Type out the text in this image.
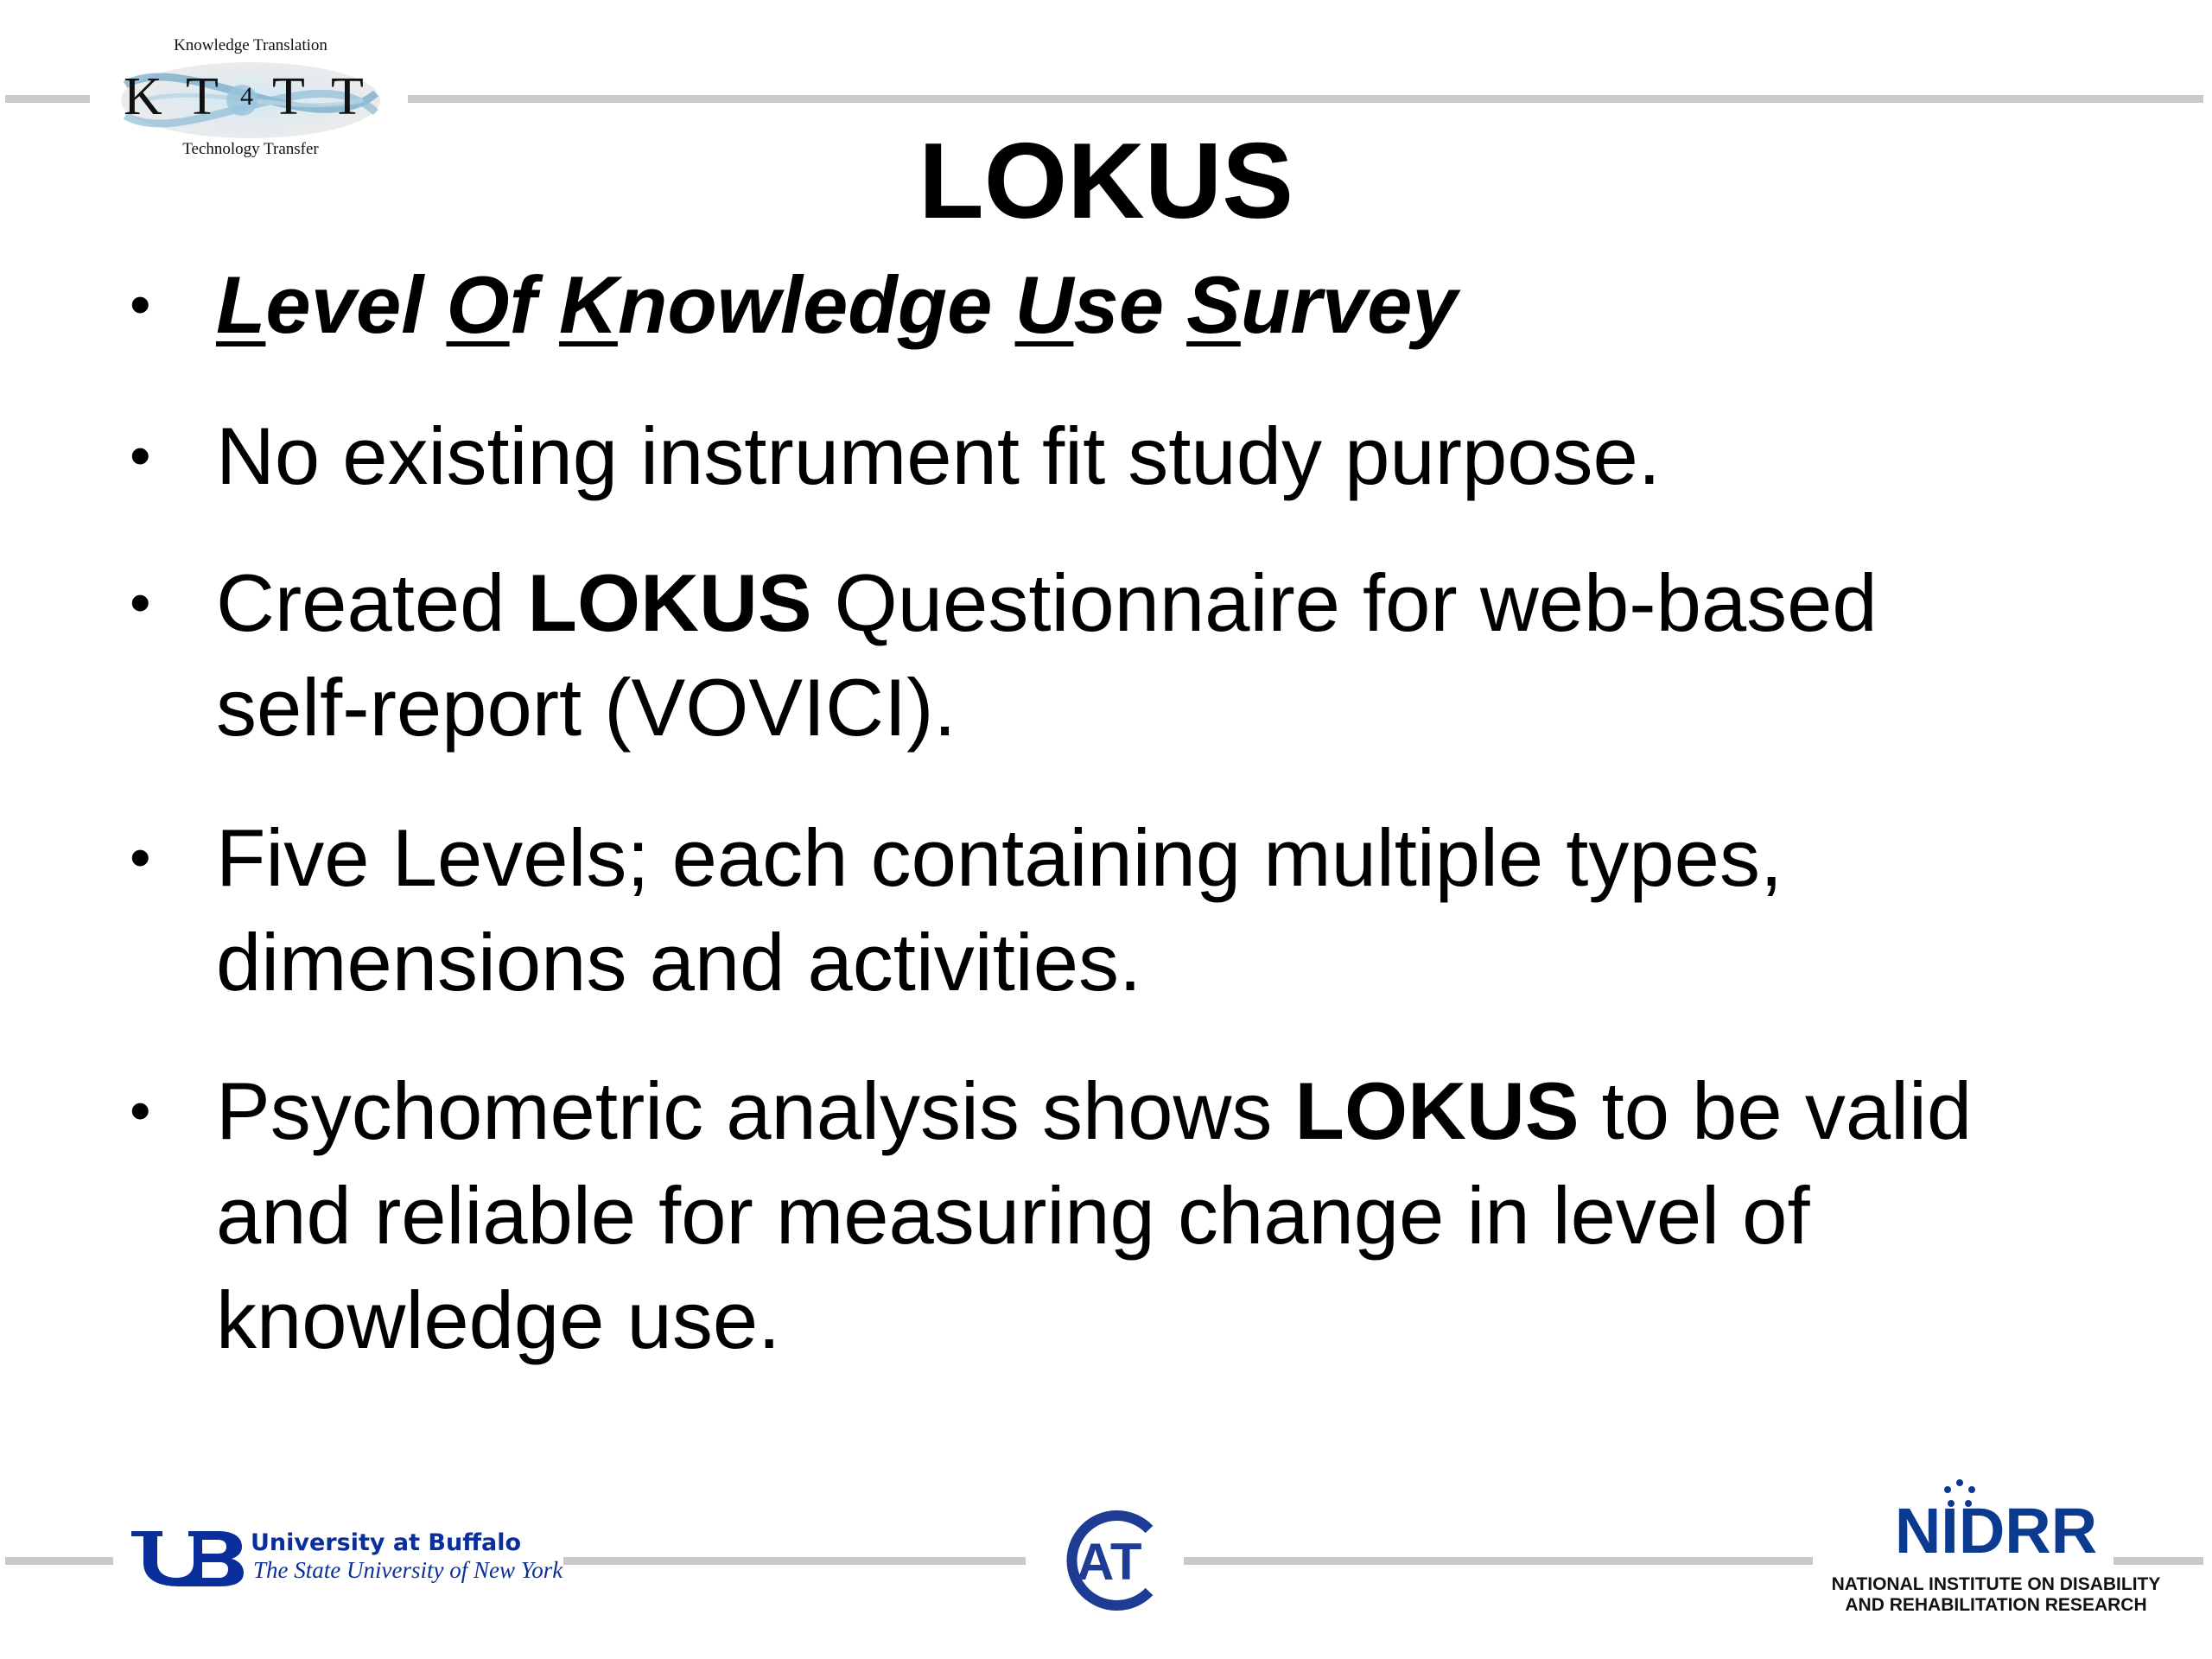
Knowledge Translation
K T 4 T T
Technology Transfer	LOKUS
• Level Of Knowledge Use Survey
• No existing instrument fit study purpose.
• Created LOKUS Questionnaire for web-based
self-report (VOVICI).
• Five Levels; each containing multiple types,
dimensions and activities.
• Psychometric analysis shows LOKUS to be valid
and reliable for measuring change in level of
knowledge use.
University at Buffalo
The State University of New York	AT	NIDRR
NATIONAL INSTITUTE ON DISABILITY
AND REHABILITATION RESEARCH
